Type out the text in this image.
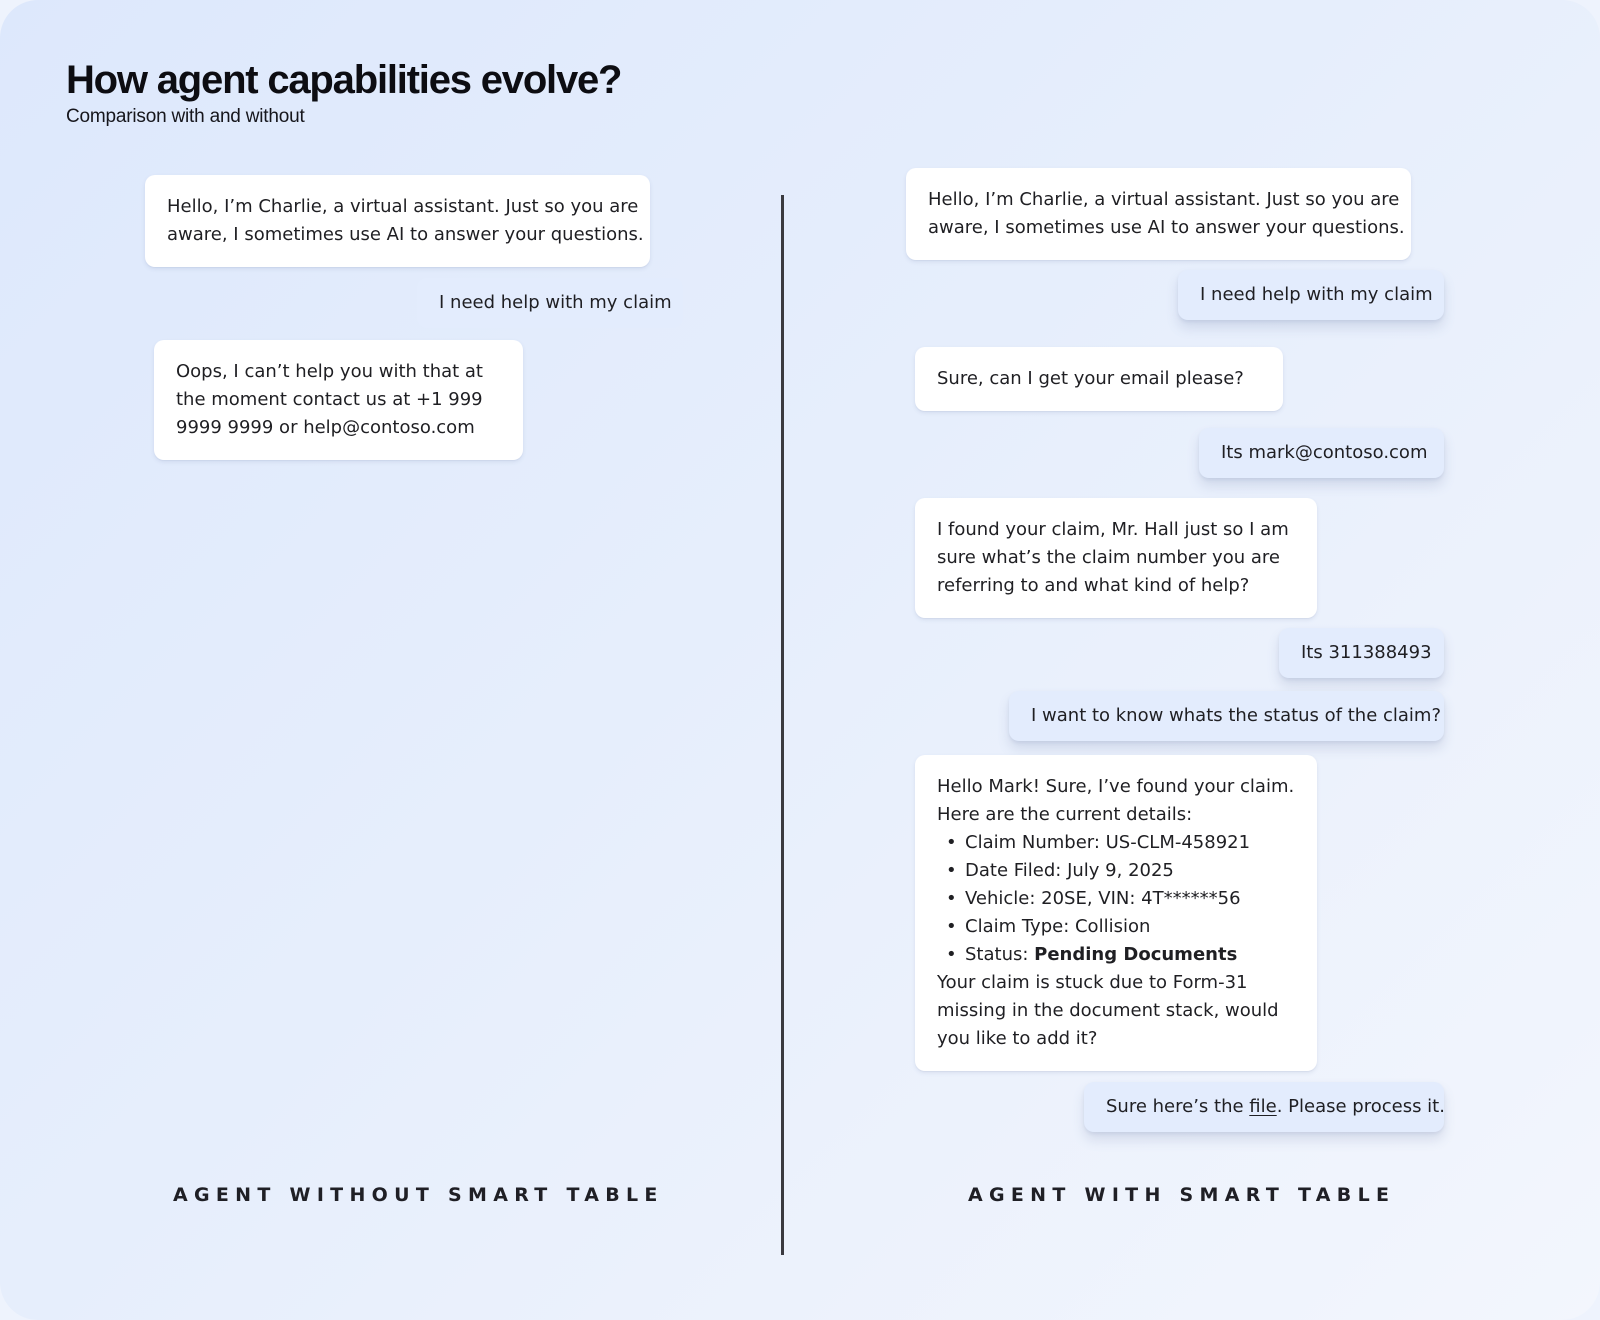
How agent capabilities evolve?
Comparison with and without
Hello, I’m Charlie, a virtual assistant. Just so you are
aware, I sometimes use AI to answer your questions.
I need help with my claim
Oops, I can’t help you with that at
the moment contact us at +1 999
9999 9999 or help@contoso.com
AGENT WITHOUT SMART TABLE
Hello, I’m Charlie, a virtual assistant. Just so you are
aware, I sometimes use AI to answer your questions.
I need help with my claim
Sure, can I get your email please?
Its mark@contoso.com
I found your claim, Mr. Hall just so I am
sure what’s the claim number you are
referring to and what kind of help?
Its 311388493
I want to know whats the status of the claim?
Hello Mark! Sure, I’ve found your claim.
Here are the current details:
• Claim Number: US-CLM-458921
• Date Filed: July 9, 2025
• Vehicle: 20SE, VIN: 4T******56
• Claim Type: Collision
• Status: Pending Documents
Your claim is stuck due to Form-31
missing in the document stack, would
you like to add it?
Sure here’s the file. Please process it.
AGENT WITH SMART TABLE
